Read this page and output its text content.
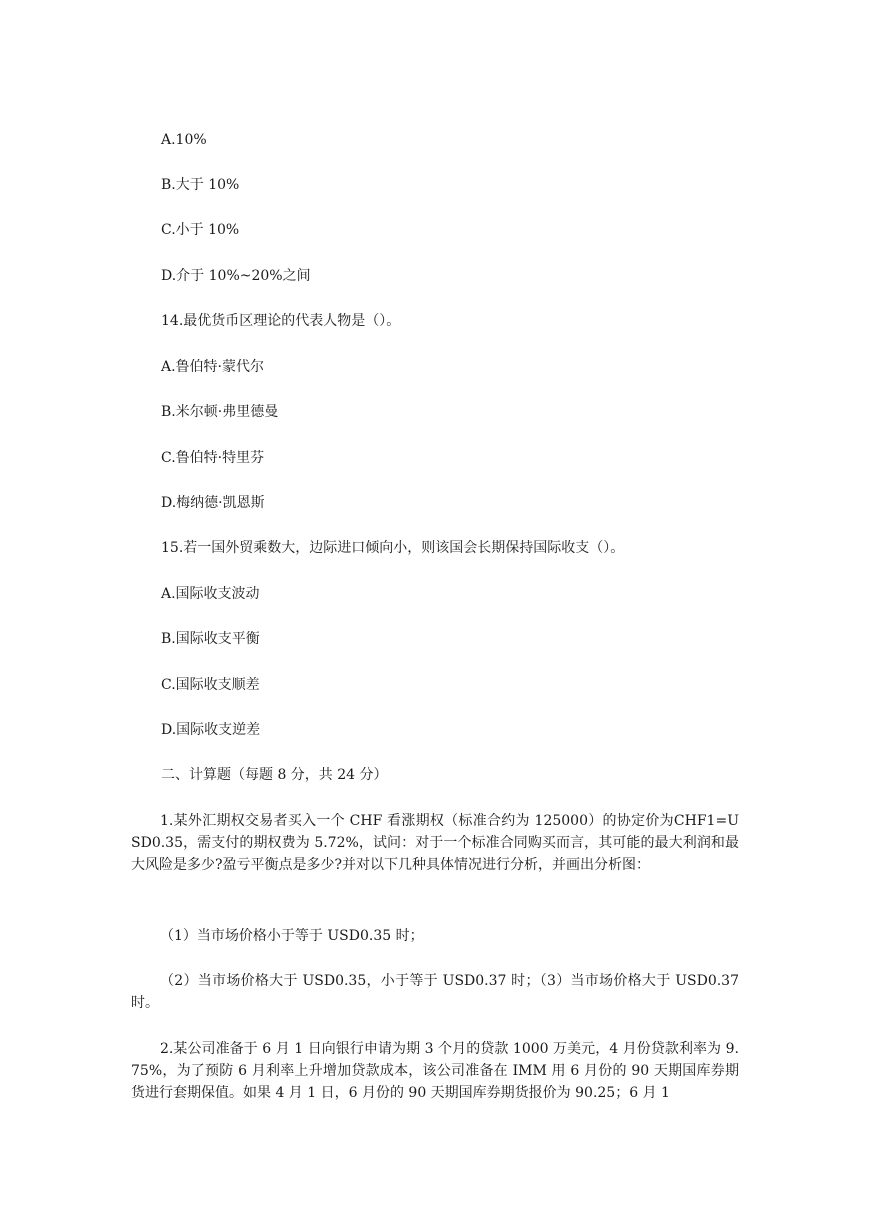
A.10%
B.大于 10%
C.小于 10%
D.介于 10%~20%之间
14.最优货币区理论的代表人物是（）。
A.鲁伯特·蒙代尔
B.米尔顿·弗里德曼
C.鲁伯特·特里芬
D.梅纳德·凯恩斯
15.若一国外贸乘数大，边际进口倾向小，则该国会长期保持国际收支（）。
A.国际收支波动
B.国际收支平衡
C.国际收支顺差
D.国际收支逆差
二、计算题（每题 8 分，共 24 分）
1.某外汇期权交易者买入一个 CHF 看涨期权（标准合约为 125000）的协定价为CHF1=USD0.35，需支付的期权费为 5.72%，试问：对于一个标准合同购买而言，其可能的最大利润和最大风险是多少?盈亏平衡点是多少?并对以下几种具体情况进行分析，并画出分析图：
（1）当市场价格小于等于 USD0.35 时；
（2）当市场价格大于 USD0.35，小于等于 USD0.37 时；（3）当市场价格大于 USD0.37时。
2.某公司准备于 6 月 1 日向银行申请为期 3 个月的贷款 1000 万美元，4 月份贷款利率为 9.75%，为了预防 6 月利率上升增加贷款成本，该公司准备在 IMM 用 6 月份的 90 天期国库券期货进行套期保值。如果 4 月 1 日，6 月份的 90 天期国库券期货报价为 90.25；6 月 1
